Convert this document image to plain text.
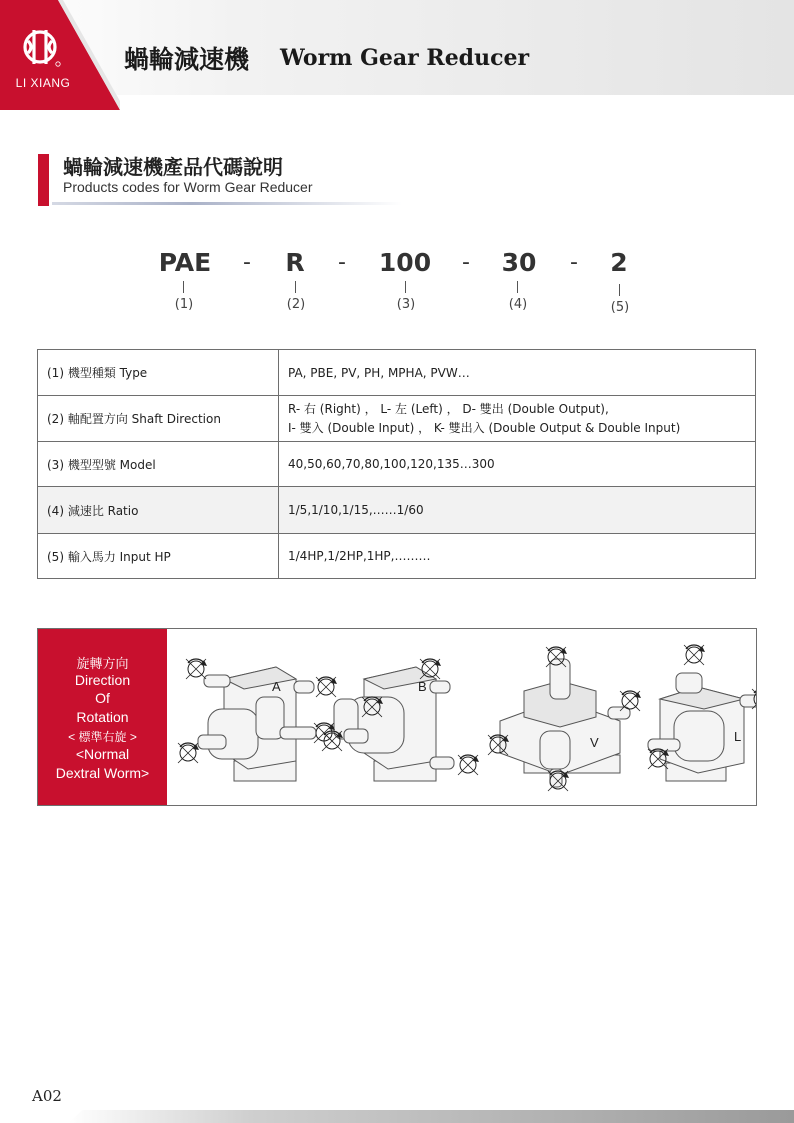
LI XIANG
蝸輪減速機 Worm Gear Reducer
蝸輪減速機產品代碼說明
Products codes for Worm Gear Reducer
PAE - R - 100 - 30 - 2
(1)	(2)	(3)	(4)	(5)
(1) 機型種類 Type	PA, PBE, PV, PH, MPHA, PVW…
(2) 軸配置方向 Shaft Direction	R- 右 (Right) ， L- 左 (Left) ， D- 雙出 (Double Output),
I- 雙入 (Double Input) ， K- 雙出入 (Double Output & Double Input)

(3) 機型型號 Model	40,50,60,70,80,100,120,135…300
(4) 減速比 Ratio	1/5,1/10,1/15,……1/60
(5) 輸入馬力 Input HP	1/4HP,1/2HP,1HP,………
旋轉方向
Direction
Of
Rotation
< 標準右旋 >
<Normal
Dextral Worm>
A	B
V	L
A02
